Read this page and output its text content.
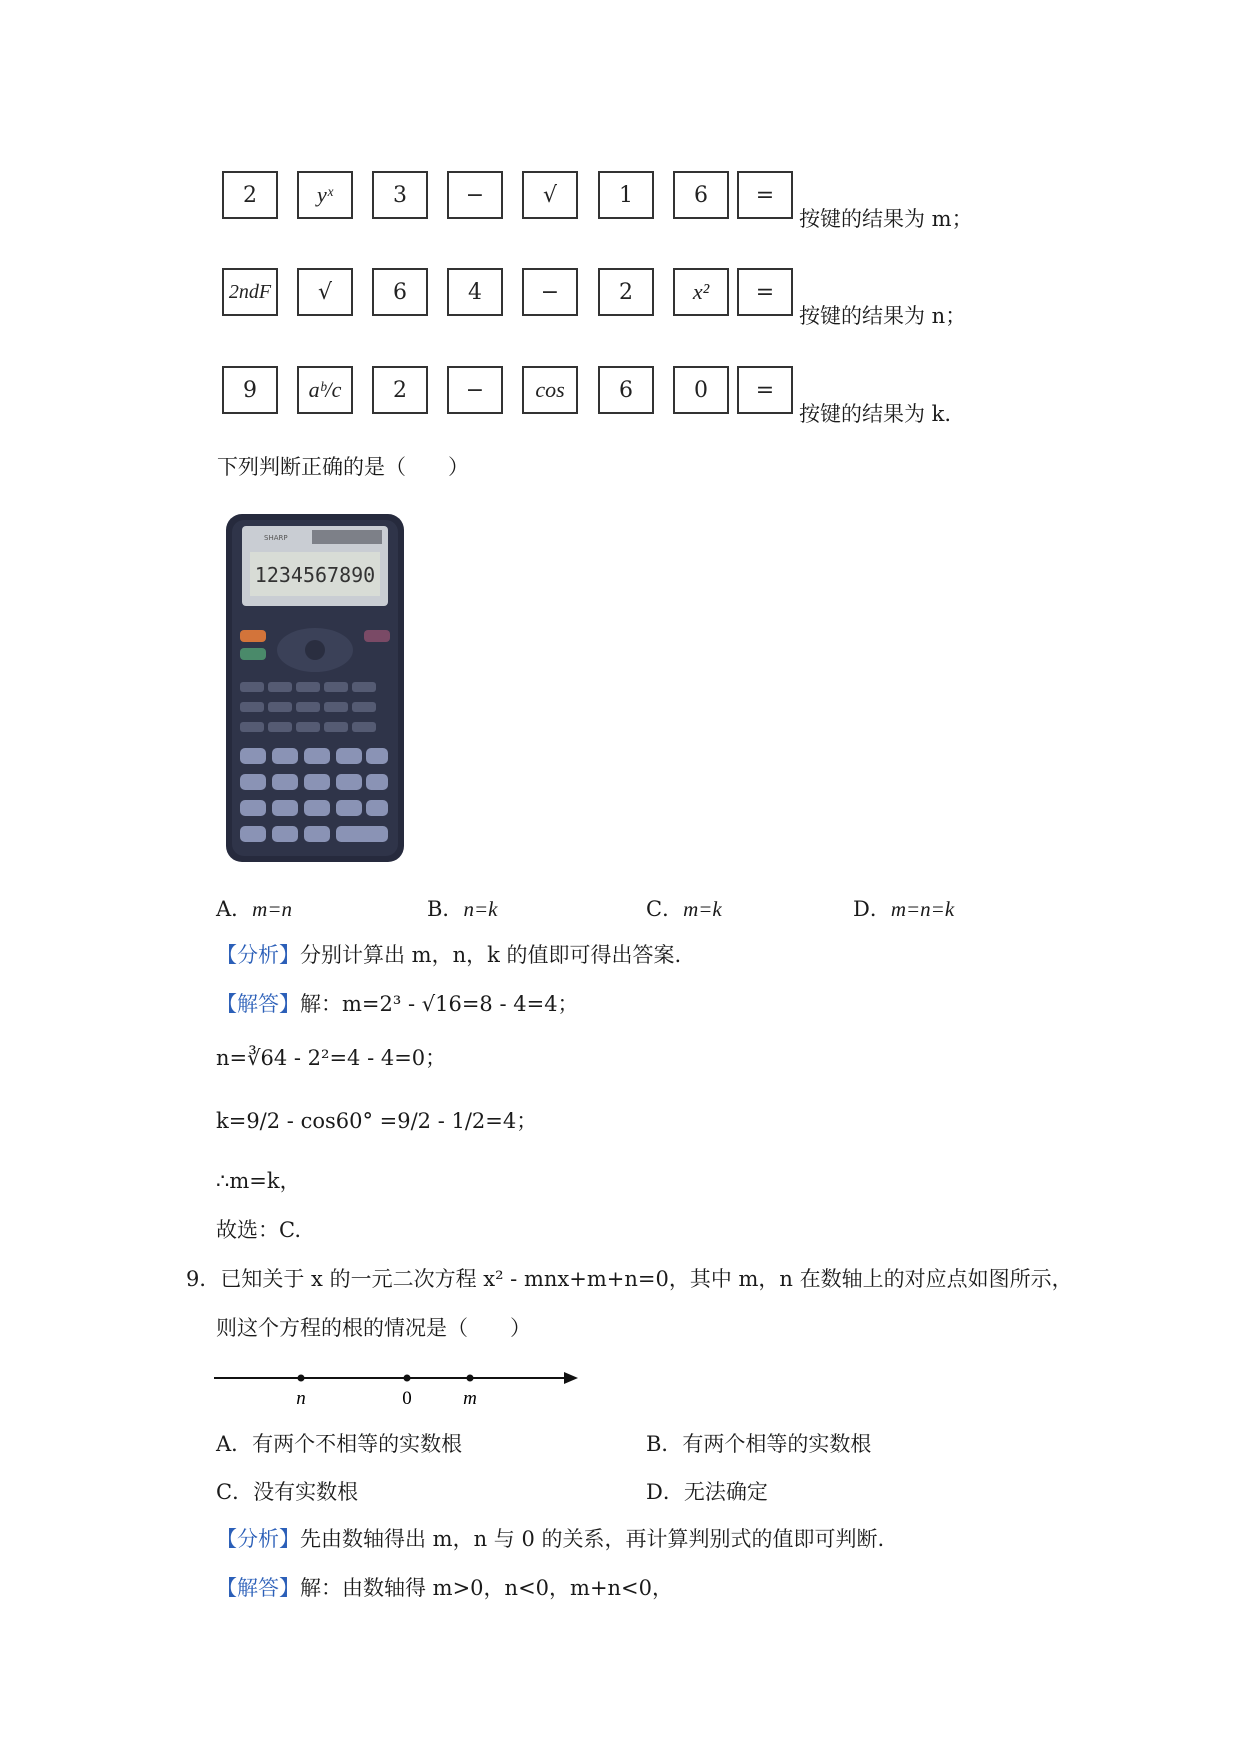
2	yˣ	3	−	√	1	6	=
按键的结果为 m；
2ndF	√	6	4	−	2	x²	=
按键的结果为 n；
9	aᵇ/c	2	−	cos	6	0	=
按键的结果为 k.
下列判断正确的是（　　）
1234567890
SHARP
A．m=n	B．n=k	C．m=k	D．m=n=k
【分析】分别计算出 m，n，k 的值即可得出答案.
【解答】解：m=2³ - √16=8 - 4=4；
n=∛64 - 2²=4 - 4=0；
k=9/2 - cos60° =9/2 - 1/2=4；
∴m=k，
故选：C.
9．已知关于 x 的一元二次方程 x² - mnx+m+n=0，其中 m，n 在数轴上的对应点如图所示，
则这个方程的根的情况是（　　）
n	0	m
A．有两个不相等的实数根	B．有两个相等的实数根
C．没有实数根	D．无法确定
【分析】先由数轴得出 m，n 与 0 的关系，再计算判别式的值即可判断.
【解答】解：由数轴得 m>0，n<0，m+n<0，
